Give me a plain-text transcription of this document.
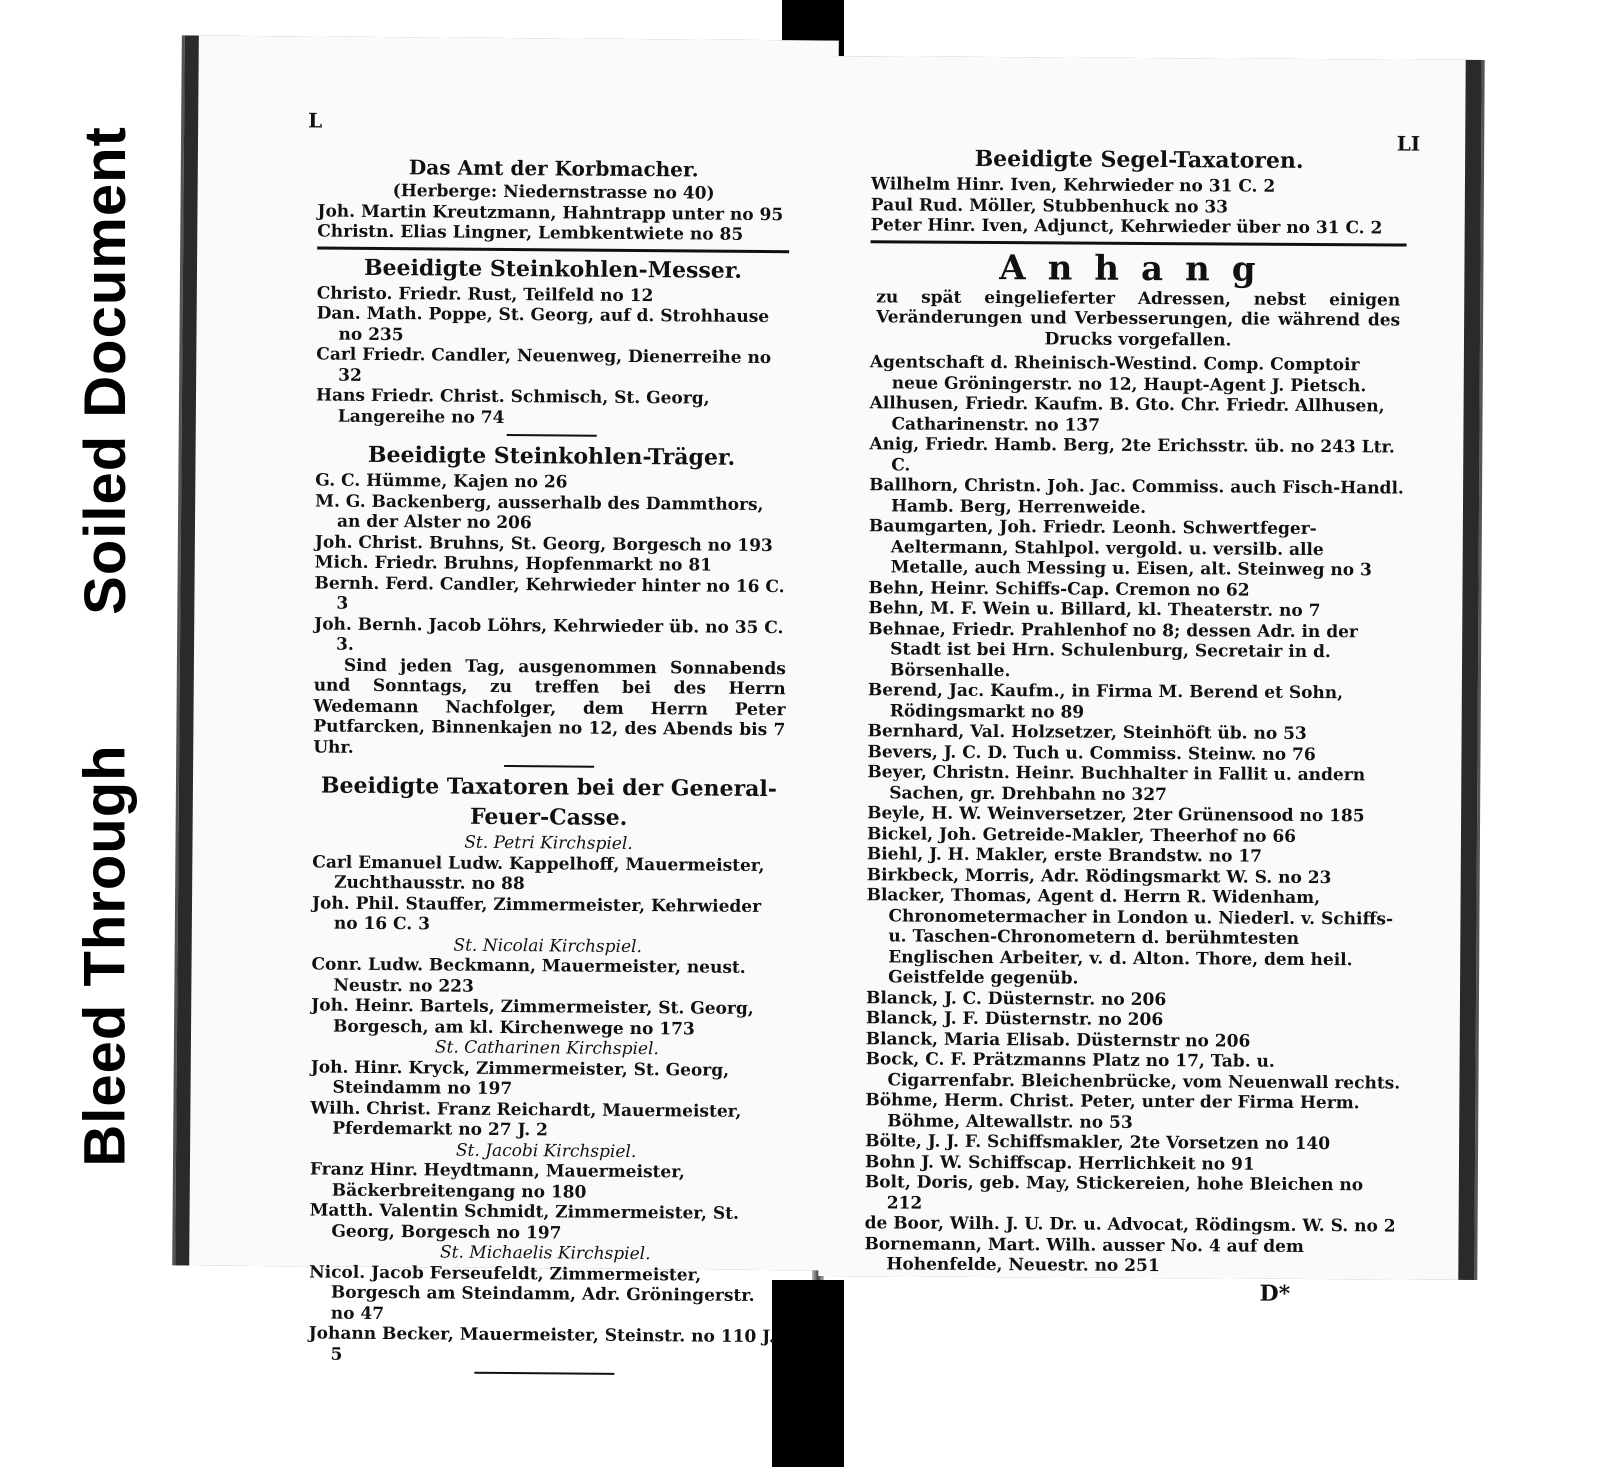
Soiled Document
Bleed Through
L
Das Amt der Korbmacher.
(Herberge: Niedernstrasse no 40)

Joh. Martin Kreutzmann, Hahntrapp unter no 95

Christn. Elias Lingner, Lembkentwiete no 85

Beeidigte Steinkohlen-Messer.

Christo. Friedr. Rust, Teilfeld no 12

Dan. Math. Poppe, St. Georg, auf d. Strohhause no 235

Carl Friedr. Candler, Neuenweg, Dienerreihe no 32

Hans Friedr. Christ. Schmisch, St. Georg, Langereihe no 74

Beeidigte Steinkohlen-Träger.

G. C. Hümme, Kajen no 26

M. G. Backenberg, ausserhalb des Dammthors, an der Alster no 206

Joh. Christ. Bruhns, St. Georg, Borgesch no 193

Mich. Friedr. Bruhns, Hopfenmarkt no 81

Bernh. Ferd. Candler, Kehrwieder hinter no 16 C. 3

Joh. Bernh. Jacob Löhrs, Kehrwieder üb. no 35 C. 3.

Sind jeden Tag, ausgenommen Sonnabends und Sonntags, zu treffen bei des Herrn Wedemann Nachfolger, dem Herrn Peter Putfarcken, Binnenkajen no 12, des Abends bis 7 Uhr.

Beeidigte Taxatoren bei der General-
Feuer-Casse.
St. Petri Kirchspiel.

Carl Emanuel Ludw. Kappelhoff, Mauermeister, Zuchthausstr. no 88

Joh. Phil. Stauffer, Zimmermeister, Kehrwieder no 16 C. 3

St. Nicolai Kirchspiel.

Conr. Ludw. Beckmann, Mauermeister, neust. Neustr. no 223

Joh. Heinr. Bartels, Zimmermeister, St. Georg, Borgesch, am kl. Kirchenwege no 173

St. Catharinen Kirchspiel.

Joh. Hinr. Kryck, Zimmermeister, St. Georg, Steindamm no 197

Wilh. Christ. Franz Reichardt, Mauermeister, Pferdemarkt no 27 J. 2

St. Jacobi Kirchspiel.

Franz Hinr. Heydtmann, Mauermeister, Bäckerbreitengang no 180

Matth. Valentin Schmidt, Zimmermeister, St. Georg, Borgesch no 197

St. Michaelis Kirchspiel.

Nicol. Jacob Ferseufeldt, Zimmermeister, Borgesch am Steindamm, Adr. Gröningerstr. no 47

Johann Becker, Mauermeister, Steinstr. no 110 J. 5

LI
Beeidigte Segel-Taxatoren.

Wilhelm Hinr. Iven, Kehrwieder no 31 C. 2

Paul Rud. Möller, Stubbenhuck no 33

Peter Hinr. Iven, Adjunct, Kehrwieder über no 31 C. 2

Anhang

zu spät eingelieferter Adressen, nebst einigen Veränderungen und Verbesserungen, die während des Drucks vorgefallen.

Agentschaft d. Rheinisch-Westind. Comp. Comptoir neue Gröningerstr. no 12, Haupt-Agent J. Pietsch.

Allhusen, Friedr. Kaufm. B. Gto. Chr. Friedr. Allhusen, Catharinenstr. no 137

Anig, Friedr. Hamb. Berg, 2te Erichsstr. üb. no 243 Ltr. C.

Ballhorn, Christn. Joh. Jac. Commiss. auch Fisch-Handl. Hamb. Berg, Herrenweide.

Baumgarten, Joh. Friedr. Leonh. Schwertfeger-Aeltermann, Stahlpol. vergold. u. versilb. alle Metalle, auch Messing u. Eisen, alt. Steinweg no 3

Behn, Heinr. Schiffs-Cap. Cremon no 62

Behn, M. F. Wein u. Billard, kl. Theaterstr. no 7

Behnae, Friedr. Prahlenhof no 8; dessen Adr. in der Stadt ist bei Hrn. Schulenburg, Secretair in d. Börsenhalle.

Berend, Jac. Kaufm., in Firma M. Berend et Sohn, Rödingsmarkt no 89

Bernhard, Val. Holzsetzer, Steinhöft üb. no 53

Bevers, J. C. D. Tuch u. Commiss. Steinw. no 76

Beyer, Christn. Heinr. Buchhalter in Fallit u. andern Sachen, gr. Drehbahn no 327

Beyle, H. W. Weinversetzer, 2ter Grünensood no 185

Bickel, Joh. Getreide-Makler, Theerhof no 66

Biehl, J. H. Makler, erste Brandstw. no 17

Birkbeck, Morris, Adr. Rödingsmarkt W. S. no 23

Blacker, Thomas, Agent d. Herrn R. Widenham, Chronometermacher in London u. Niederl. v. Schiffs- u. Taschen-Chronometern d. berühmtesten Englischen Arbeiter, v. d. Alton. Thore, dem heil. Geistfelde gegenüb.

Blanck, J. C. Düsternstr. no 206

Blanck, J. F. Düsternstr. no 206

Blanck, Maria Elisab. Düsternstr no 206

Bock, C. F. Prätzmanns Platz no 17, Tab. u. Cigarrenfabr. Bleichenbrücke, vom Neuenwall rechts.

Böhme, Herm. Christ. Peter, unter der Firma Herm. Böhme, Altewallstr. no 53

Bölte, J. J. F. Schiffsmakler, 2te Vorsetzen no 140

Bohn J. W. Schiffscap. Herrlichkeit no 91

Bolt, Doris, geb. May, Stickereien, hohe Bleichen no 212

de Boor, Wilh. J. U. Dr. u. Advocat, Rödingsm. W. S. no 2

Bornemann, Mart. Wilh. ausser No. 4 auf dem Hohenfelde, Neuestr. no 251

D*
